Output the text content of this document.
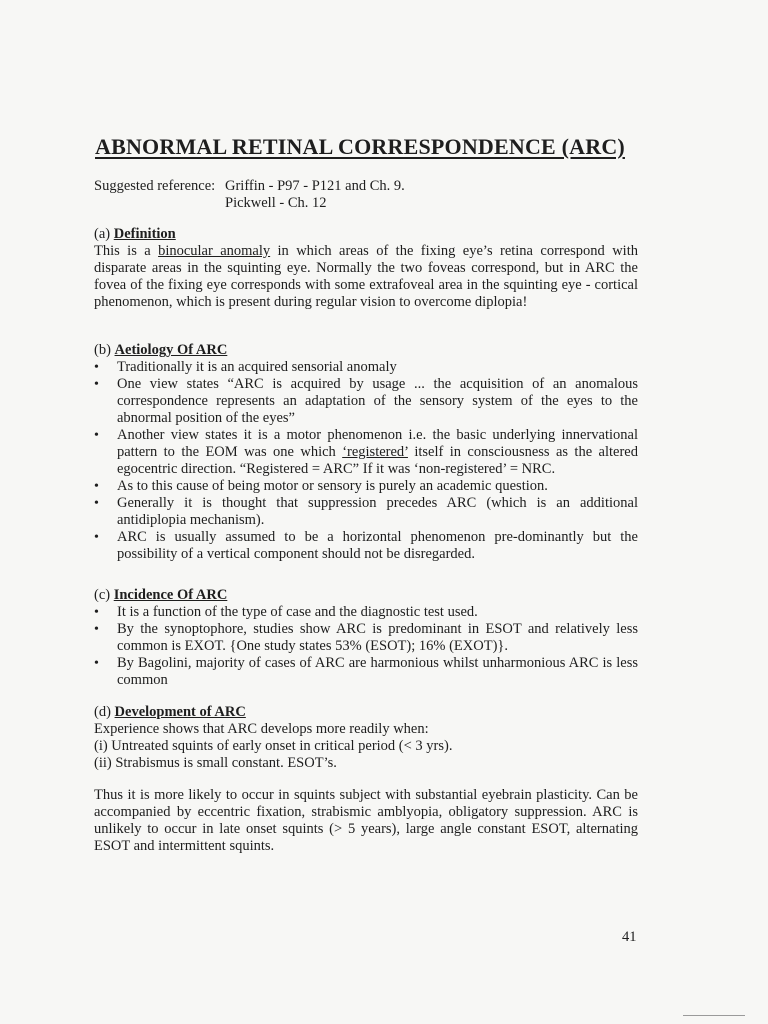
ABNORMAL RETINAL CORRESPONDENCE (ARC)
Suggested reference: Griffin - P97 - P121 and Ch. 9.
Pickwell - Ch. 12
(a) Definition
This is a binocular anomaly in which areas of the fixing eye’s retina correspond with disparate areas in the squinting eye. Normally the two foveas correspond, but in ARC the fovea of the fixing eye corresponds with some extrafoveal area in the squinting eye - cortical phenomenon, which is present during regular vision to overcome diplopia!
(b) Aetiology Of ARC
• Traditionally it is an acquired sensorial anomaly
• One view states “ARC is acquired by usage ... the acquisition of an anomalous correspondence represents an adaptation of the sensory system of the eyes to the abnormal position of the eyes”
• Another view states it is a motor phenomenon i.e. the basic underlying innervational pattern to the EOM was one which ‘registered’ itself in consciousness as the altered egocentric direction. “Registered = ARC” If it was ‘non-registered’ = NRC.
• As to this cause of being motor or sensory is purely an academic question.
• Generally it is thought that suppression precedes ARC (which is an additional antidiplopia mechanism).
• ARC is usually assumed to be a horizontal phenomenon pre-dominantly but the possibility of a vertical component should not be disregarded.
(c) Incidence Of ARC
• It is a function of the type of case and the diagnostic test used.
• By the synoptophore, studies show ARC is predominant in ESOT and relatively less common is EXOT. {One study states 53% (ESOT); 16% (EXOT)}.
• By Bagolini, majority of cases of ARC are harmonious whilst unharmonious ARC is less common
(d) Development of ARC
Experience shows that ARC develops more readily when:
(i) Untreated squints of early onset in critical period (< 3 yrs).
(ii) Strabismus is small constant. ESOT’s.
Thus it is more likely to occur in squints subject with substantial eyebrain plasticity. Can be accompanied by eccentric fixation, strabismic amblyopia, obligatory suppression. ARC is unlikely to occur in late onset squints (> 5 years), large angle constant ESOT, alternating ESOT and intermittent squints.
41
